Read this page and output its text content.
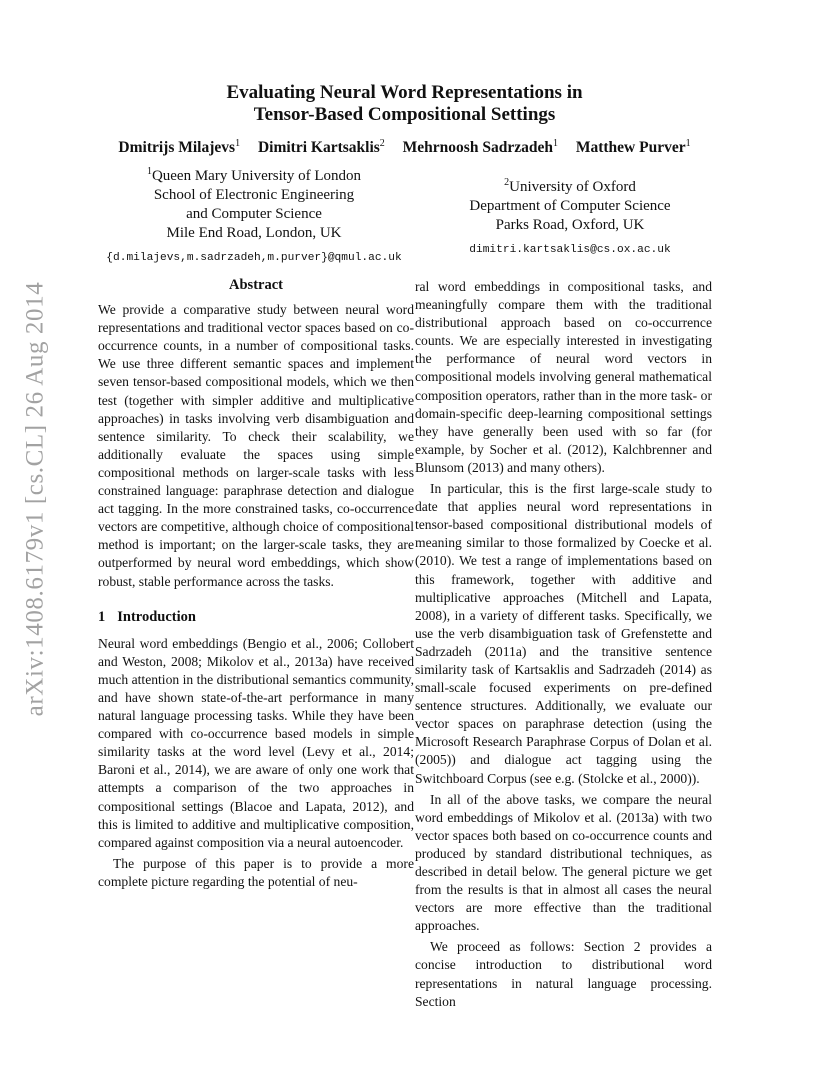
arXiv:1408.6179v1 [cs.CL] 26 Aug 2014
Evaluating Neural Word Representations in
Tensor-Based Compositional Settings
Dmitrijs Milajevs$^1$ Dimitri Kartsaklis$^2$ Mehrnoosh Sadrzadeh$^1$ Matthew Purver$^1$
$^1$Queen Mary University of London
School of Electronic Engineering
and Computer Science
Mile End Road, London, UK
{d.milajevs,m.sadrzadeh,m.purver}@qmul.ac.uk
$^2$University of Oxford
Department of Computer Science
Parks Road, Oxford, UK
dimitri.kartsaklis@cs.ox.ac.uk
Abstract

We provide a comparative study between neural word representations and traditional vector spaces based on co-occurrence counts, in a number of compositional tasks. We use three different semantic spaces and implement seven tensor-based compositional models, which we then test (together with simpler additive and multiplicative approaches) in tasks involving verb disambiguation and sentence similarity. To check their scalability, we additionally evaluate the spaces using simple compositional methods on larger-scale tasks with less constrained language: paraphrase detection and dialogue act tagging. In the more constrained tasks, co-occurrence vectors are competitive, although choice of compositional method is important; on the larger-scale tasks, they are outperformed by neural word embeddings, which show robust, stable performance across the tasks.

1 Introduction

Neural word embeddings (Bengio et al., 2006; Collobert and Weston, 2008; Mikolov et al., 2013a) have received much attention in the distributional semantics community, and have shown state-of-the-art performance in many natural language processing tasks. While they have been compared with co-occurrence based models in simple similarity tasks at the word level (Levy et al., 2014; Baroni et al., 2014), we are aware of only one work that attempts a comparison of the two approaches in compositional settings (Blacoe and Lapata, 2012), and this is limited to additive and multiplicative composition, compared against composition via a neural autoencoder.

The purpose of this paper is to provide a more complete picture regarding the potential of neu-

ral word embeddings in compositional tasks, and meaningfully compare them with the traditional distributional approach based on co-occurrence counts. We are especially interested in investigating the performance of neural word vectors in compositional models involving general mathematical composition operators, rather than in the more task- or domain-specific deep-learning compositional settings they have generally been used with so far (for example, by Socher et al. (2012), Kalchbrenner and Blunsom (2013) and many others).

In particular, this is the first large-scale study to date that applies neural word representations in tensor-based compositional distributional models of meaning similar to those formalized by Coecke et al. (2010). We test a range of implementations based on this framework, together with additive and multiplicative approaches (Mitchell and Lapata, 2008), in a variety of different tasks. Specifically, we use the verb disambiguation task of Grefenstette and Sadrzadeh (2011a) and the transitive sentence similarity task of Kartsaklis and Sadrzadeh (2014) as small-scale focused experiments on pre-defined sentence structures. Additionally, we evaluate our vector spaces on paraphrase detection (using the Microsoft Research Paraphrase Corpus of Dolan et al. (2005)) and dialogue act tagging using the Switchboard Corpus (see e.g. (Stolcke et al., 2000)).

In all of the above tasks, we compare the neural word embeddings of Mikolov et al. (2013a) with two vector spaces both based on co-occurrence counts and produced by standard distributional techniques, as described in detail below. The general picture we get from the results is that in almost all cases the neural vectors are more effective than the traditional approaches.

We proceed as follows: Section 2 provides a concise introduction to distributional word representations in natural language processing. Section
